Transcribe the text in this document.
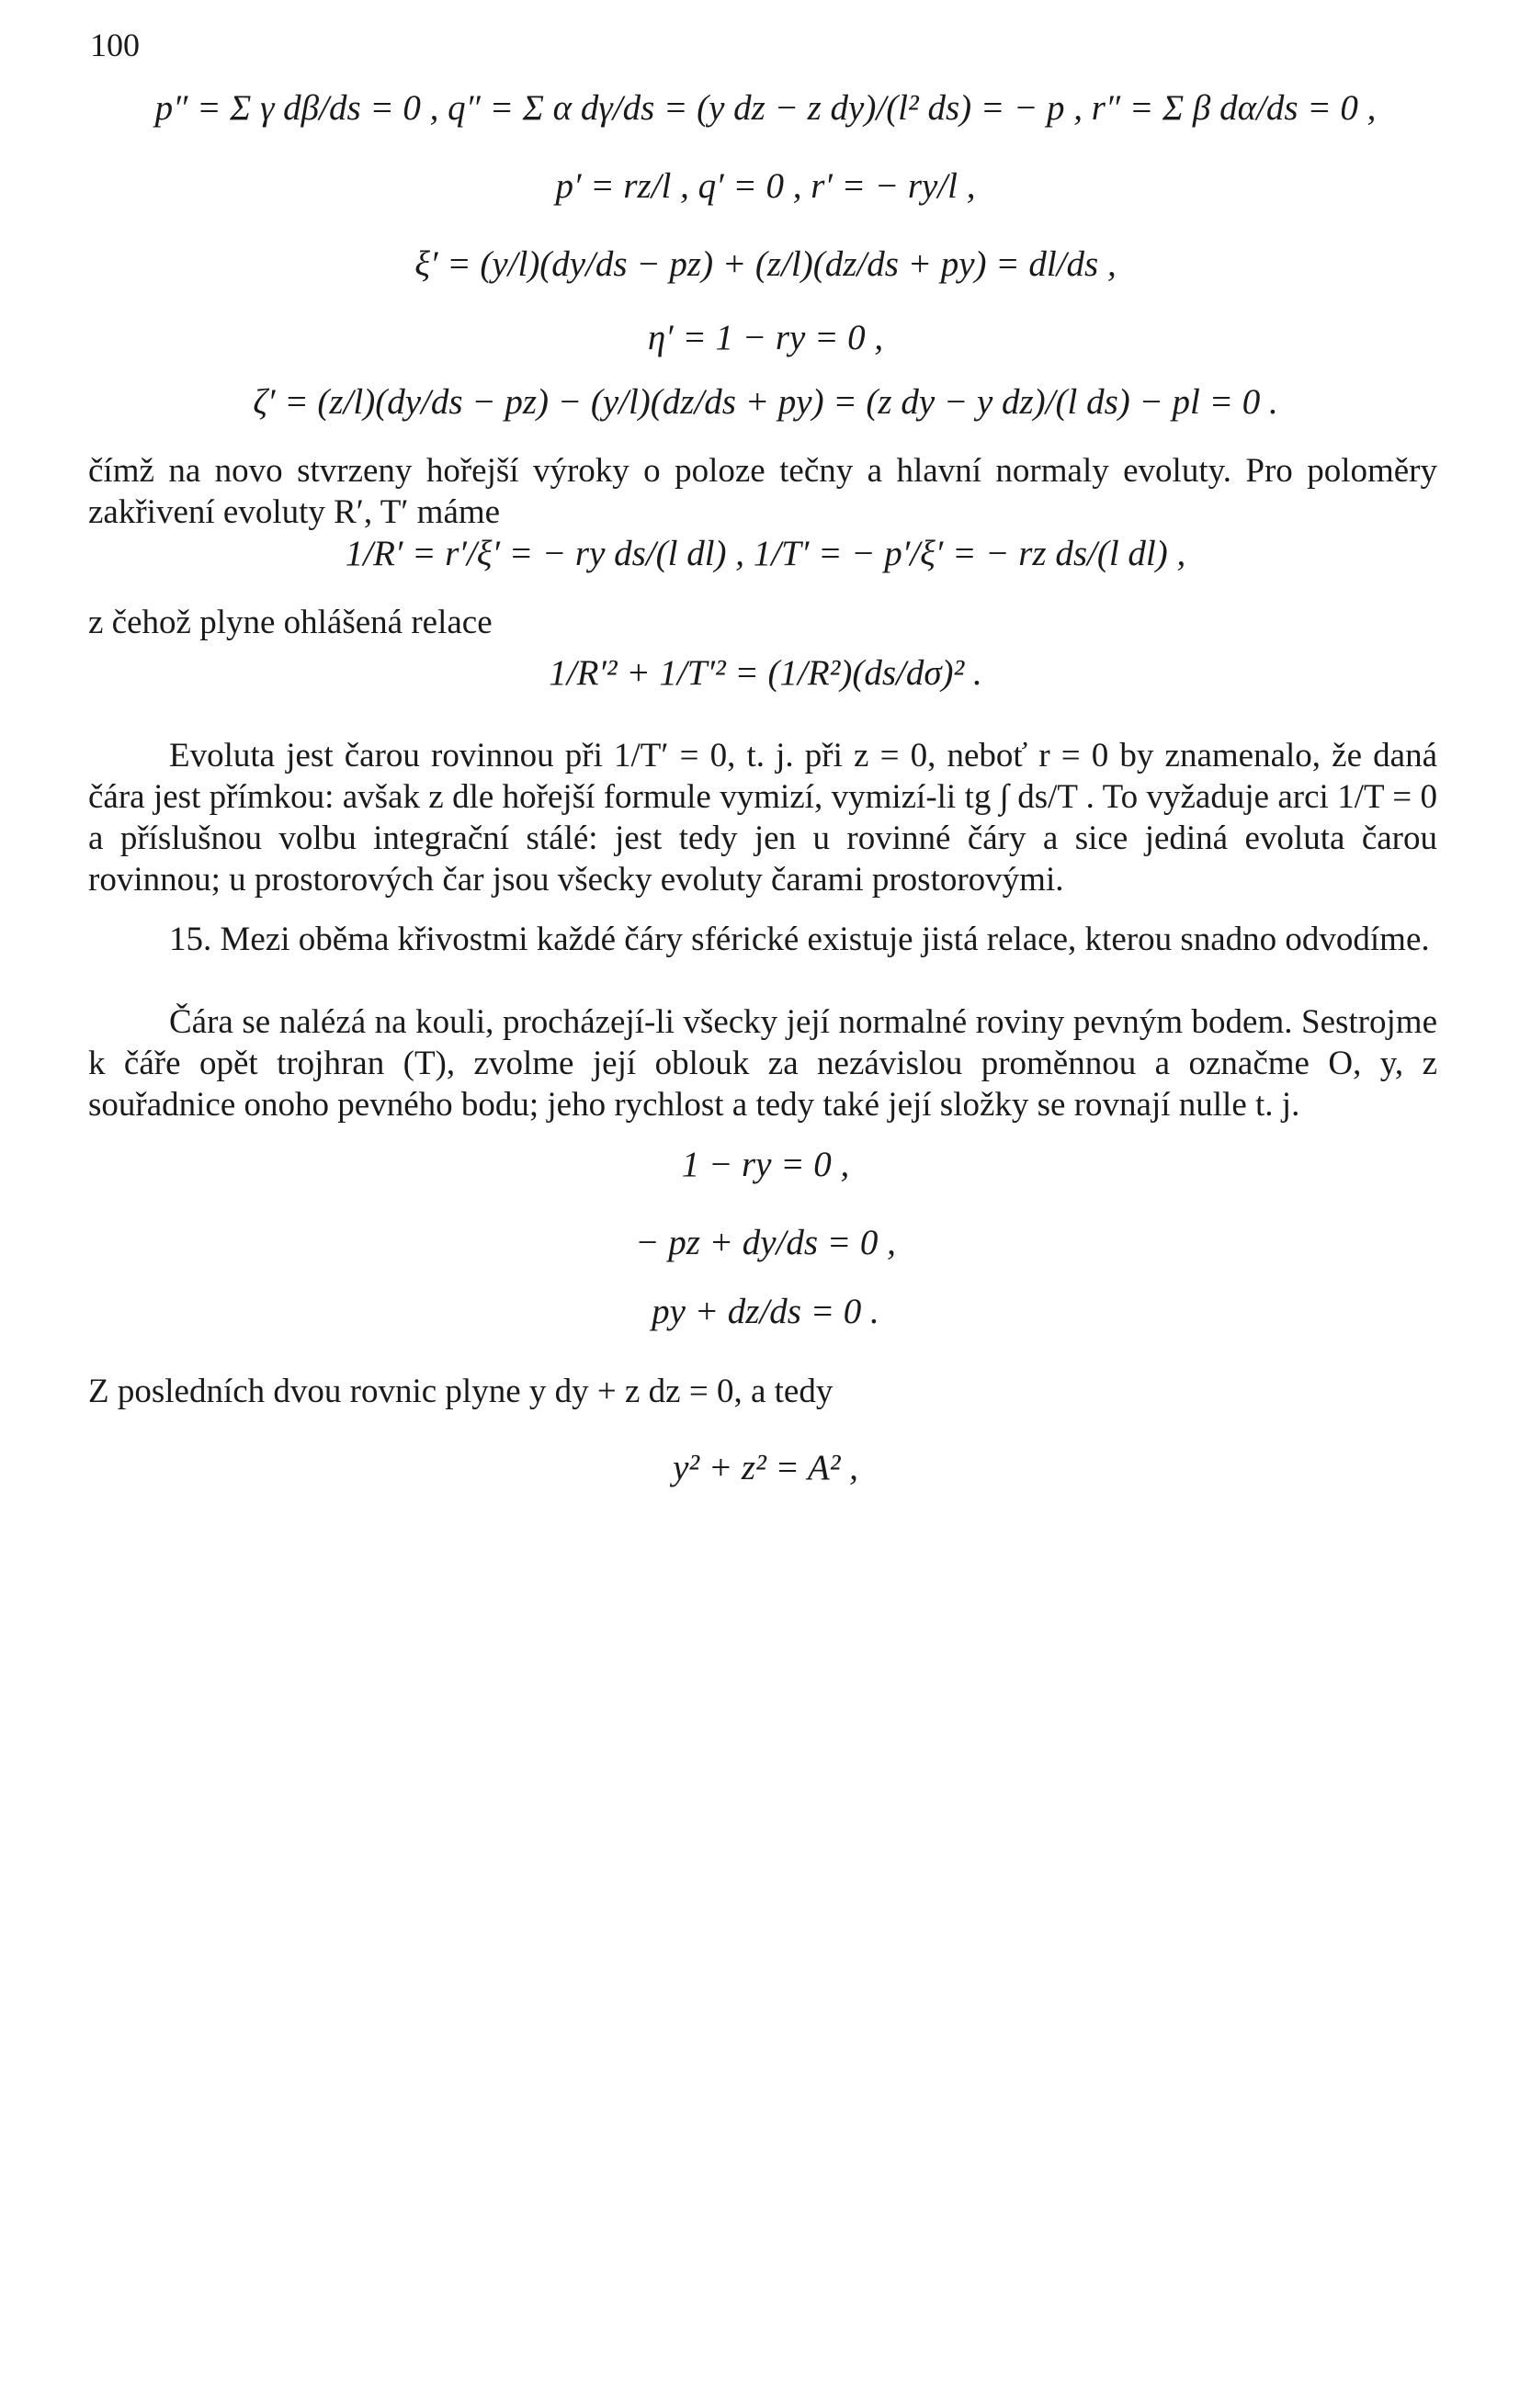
100
p″ = Σ γ dβ/ds = 0 , q″ = Σ α dγ/ds = (y dz − z dy)/(l² ds) = − p , r″ = Σ β dα/ds = 0 ,
p′ = rz/l , q′ = 0 , r′ = − ry/l ,
ξ′ = (y/l)(dy/ds − pz) + (z/l)(dz/ds + py) = dl/ds ,
η′ = 1 − ry = 0 ,
ζ′ = (z/l)(dy/ds − pz) − (y/l)(dz/ds + py) = (z dy − y dz)/(l ds) − pl = 0 .

čímž na novo stvrzeny hořejší výroky o poloze tečny a hlavní normaly evoluty. Pro poloměry zakřivení evoluty R′, T′ máme

1/R′ = r′/ξ′ = − ry ds/(l dl) , 1/T′ = − p′/ξ′ = − rz ds/(l dl) ,

z čehož plyne ohlášená relace

1/R′² + 1/T′² = (1/R²)(ds/dσ)² .

Evoluta jest čarou rovinnou při 1/T′ = 0, t. j. při z = 0, neboť r = 0 by znamenalo, že daná čára jest přímkou: avšak z dle hořejší formule vymizí, vymizí-li tg ∫ ds/T . To vyžaduje arci 1/T = 0 a příslušnou volbu integrační stálé: jest tedy jen u rovinné čáry a sice jediná evoluta čarou rovinnou; u prostorových čar jsou všecky evoluty čarami prostorovými.

15. Mezi oběma křivostmi každé čáry sférické existuje jistá relace, kterou snadno odvodíme.

Čára se nalézá na kouli, procházejí-li všecky její normalné roviny pevným bodem. Sestrojme k čáře opět trojhran (T), zvolme její oblouk za nezávislou proměnnou a označme O, y, z souřadnice onoho pevného bodu; jeho rychlost a tedy také její složky se rovnají nulle t. j.

1 − ry = 0 ,
− pz + dy/ds = 0 ,
py + dz/ds = 0 .

Z posledních dvou rovnic plyne y dy + z dz = 0, a tedy

y² + z² = A² ,
